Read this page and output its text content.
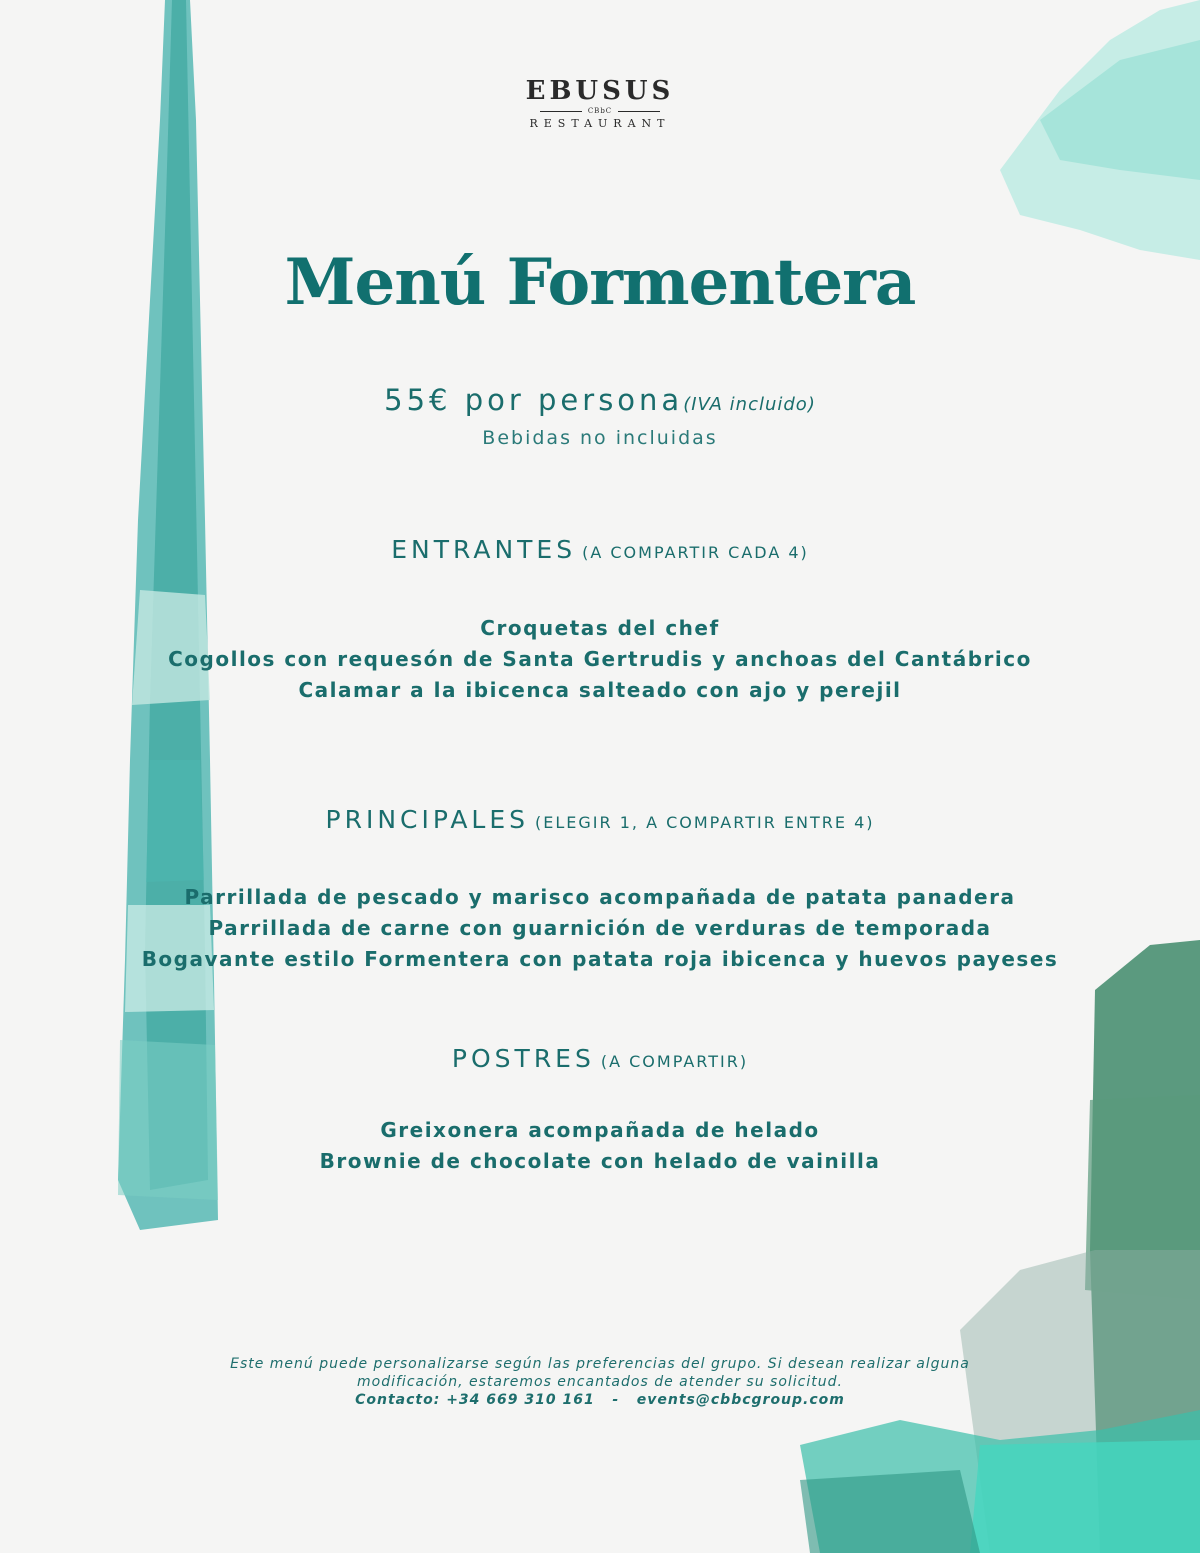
EBUSUS
CBbC
RESTAURANT
Menú Formentera
55€ por persona(IVA incluido)
Bebidas no incluidas
ENTRANTES (A COMPARTIR CADA 4)
Croquetas del chef
Cogollos con requesón de Santa Gertrudis y anchoas del Cantábrico
Calamar a la ibicenca salteado con ajo y perejil
PRINCIPALES (ELEGIR 1, A COMPARTIR ENTRE 4)
Parrillada de pescado y marisco acompañada de patata panadera
Parrillada de carne con guarnición de verduras de temporada
Bogavante estilo Formentera con patata roja ibicenca y huevos payeses
POSTRES (A COMPARTIR)
Greixonera acompañada de helado
Brownie de chocolate con helado de vainilla
Este menú puede personalizarse según las preferencias del grupo. Si desean realizar alguna
modificación, estaremos encantados de atender su solicitud.
Contacto: +34 669 310 161   -   events@cbbcgroup.com
